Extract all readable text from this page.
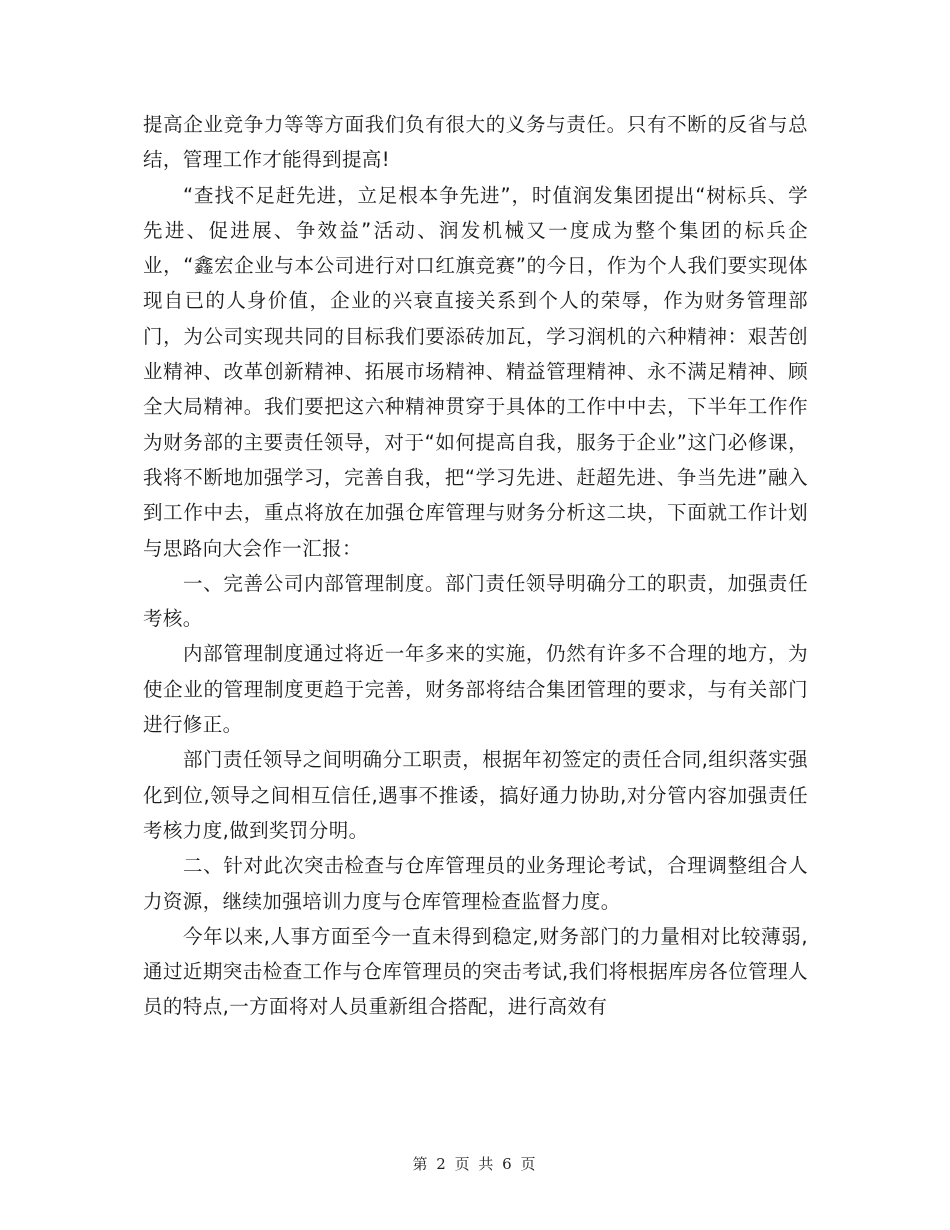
提高企业竞争力等等方面我们负有很大的义务与责任。只有不断的反省与总结，管理工作才能得到提高!

“查找不足赶先进，立足根本争先进”，时值润发集团提出“树标兵、学先进、促进展、争效益”活动、润发机械又一度成为整个集团的标兵企业，“鑫宏企业与本公司进行对口红旗竞赛”的今日，作为个人我们要实现体现自已的人身价值，企业的兴衰直接关系到个人的荣辱，作为财务管理部门，为公司实现共同的目标我们要添砖加瓦，学习润机的六种精神：艰苦创业精神、改革创新精神、拓展市场精神、精益管理精神、永不满足精神、顾全大局精神。我们要把这六种精神贯穿于具体的工作中中去，下半年工作作为财务部的主要责任领导，对于“如何提高自我，服务于企业”这门必修课，我将不断地加强学习，完善自我，把“学习先进、赶超先进、争当先进”融入到工作中去，重点将放在加强仓库管理与财务分析这二块，下面就工作计划与思路向大会作一汇报：

一、完善公司内部管理制度。部门责任领导明确分工的职责，加强责任考核。

内部管理制度通过将近一年多来的实施，仍然有许多不合理的地方，为使企业的管理制度更趋于完善，财务部将结合集团管理的要求，与有关部门进行修正。

部门责任领导之间明确分工职责，根据年初签定的责任合同,组织落实强化到位,领导之间相互信任,遇事不推诿，搞好通力协助,对分管内容加强责任考核力度,做到奖罚分明。

二、针对此次突击检查与仓库管理员的业务理论考试，合理调整组合人力资源，继续加强培训力度与仓库管理检查监督力度。

今年以来,人事方面至今一直未得到稳定,财务部门的力量相对比较薄弱,通过近期突击检查工作与仓库管理员的突击考试,我们将根据库房各位管理人员的特点,一方面将对人员重新组合搭配，进行高效有

第 2 页 共 6 页
